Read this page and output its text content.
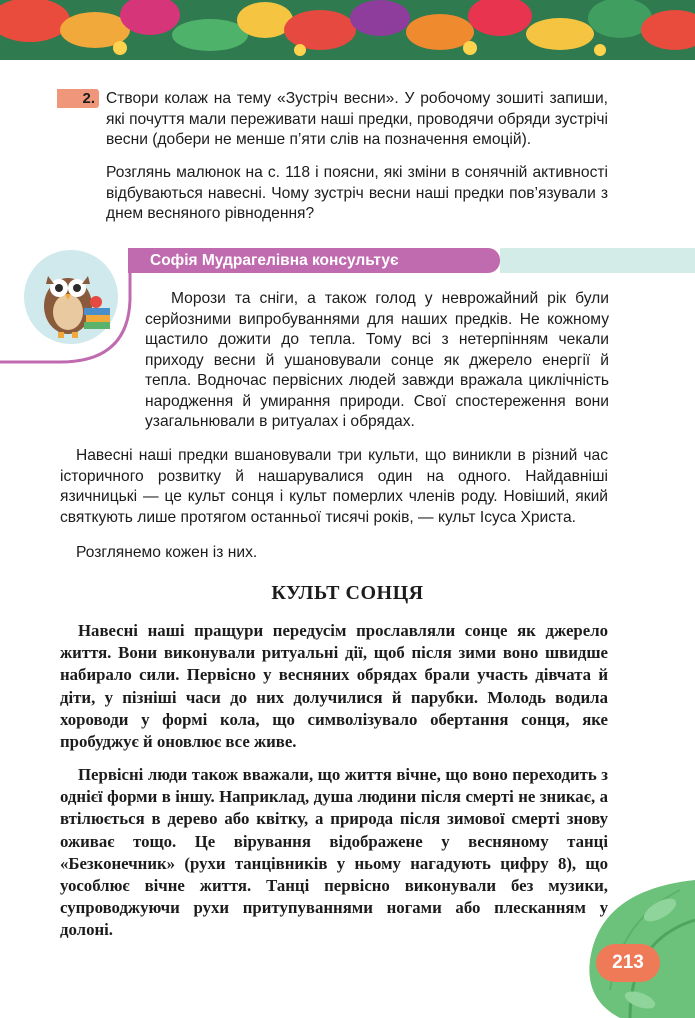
2. Створи колаж на тему «Зустріч весни». У робочому зошиті запиши, які почуття мали переживати наші предки, проводячи обряди зустрічі весни (добери не менше п’яти слів на позначення емоцій).

Розглянь малюнок на с. 118 і поясни, які зміни в сонячній активності відбуваються навесні. Чому зустріч весни наші предки пов’язували з днем весняного рівнодення?

Софія Мудрагелівна консультує

Морози та сніги, а також голод у неврожайний рік були серйозними випробуваннями для наших предків. Не кожному щастило дожити до тепла. Тому всі з нетерпінням чекали приходу весни й ушановували сонце як джерело енергії й тепла. Водночас первісних людей завжди вражала циклічність народження й умирання природи. Свої спостереження вони узагальнювали в ритуалах і обрядах.

Навесні наші предки вшановували три культи, що виникли в різний час історичного розвитку й нашарувалися один на одного. Найдавніші язичницькі — це культ сонця і культ померлих членів роду. Новіший, який святкують лише протягом останньої тисячі років, — культ Ісуса Христа.

Розглянемо кожен із них.

КУЛЬТ СОНЦЯ

Навесні наші пращури передусім прославляли сонце як джерело життя. Вони виконували ритуальні дії, щоб після зими воно швидше набирало сили. Первісно у весняних обрядах брали участь дівчата й діти, у пізніші часи до них долучилися й парубки. Молодь водила хороводи у формі кола, що символізувало обертання сонця, яке пробуджує й оновлює все живе.

Первісні люди також вважали, що життя вічне, що воно переходить з однієї форми в іншу. Наприклад, душа людини після смерті не зникає, а втілюється в дерево або квітку, а природа після зимової смерті знову оживає тощо. Це вірування відображене у весняному танці «Безконечник» (рухи танцівників у ньому нагадують цифру 8), що уособлює вічне життя. Танці первісно виконували без музики, супроводжуючи рухи притупуваннями ногами або плесканням у долоні.

213
